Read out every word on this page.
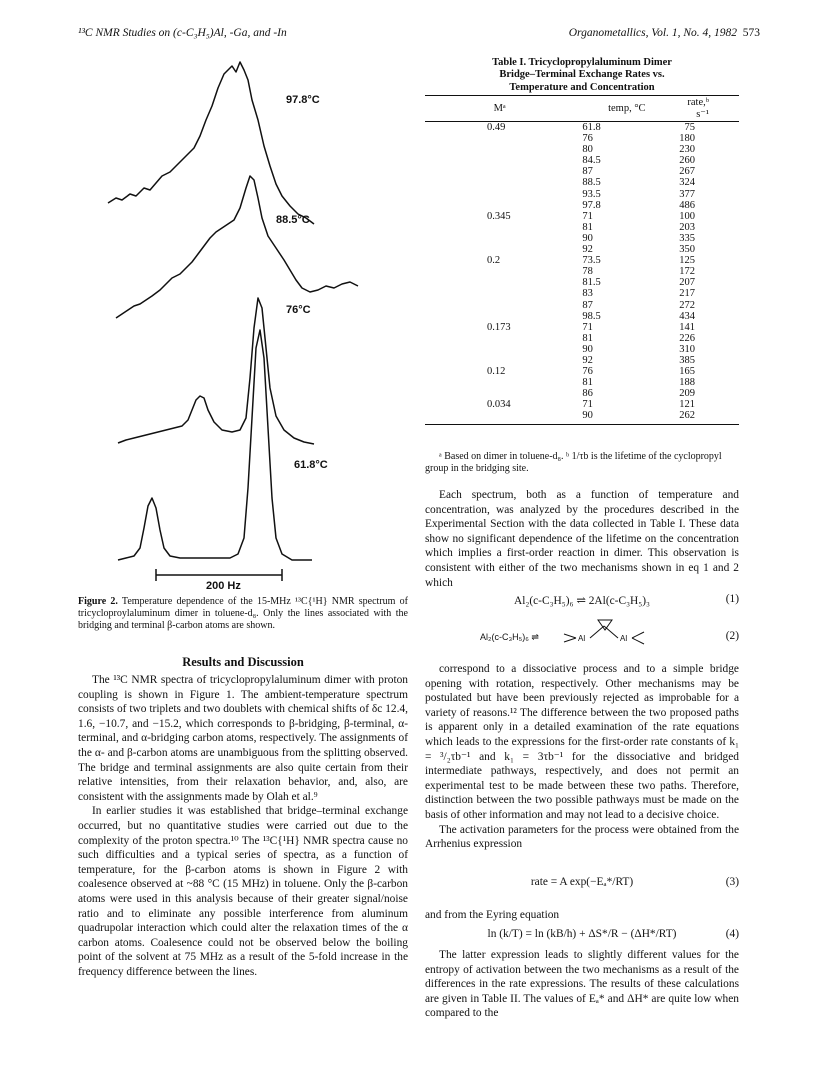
¹³C NMR Studies on (c-C₃H₅)Al, -Ga, and -In	Organometallics, Vol. 1, No. 4, 1982 573
97.8°C
88.5°C
76°C
61.8°C
200 Hz
Figure 2. Temperature dependence of the 15-MHz ¹³C{¹H} NMR spectrum of tricycloproylaluminum dimer in toluene-d₈. Only the lines associated with the bridging and terminal β-carbon atoms are shown.
Results and Discussion

The ¹³C NMR spectra of tricyclopropylaluminum dimer with proton coupling is shown in Figure 1. The ambient-temperature spectrum consists of two triplets and two doublets with chemical shifts of δc 12.4, 1.6, −10.7, and −15.2, which corresponds to β-bridging, β-terminal, α-terminal, and α-bridging carbon atoms, respectively. The assignments of the α- and β-carbon atoms are unambiguous from the splitting observed. The bridge and terminal assignments are also quite certain from their relative intensities, from their relaxation behavior, and, also, are consistent with the assignments made by Olah et al.⁹

In earlier studies it was established that bridge–terminal exchange occurred, but no quantitative studies were carried out due to the complexity of the proton spectra.¹⁰ The ¹³C{¹H} NMR spectra cause no such difficulties and a typical series of spectra, as a function of temperature, for the β-carbon atoms is shown in Figure 2 with coalesence observed at ~88 °C (15 MHz) in toluene. Only the β-carbon atoms were used in this analysis because of their greater signal/noise ratio and to eliminate any possible interference from aluminum quadrupolar interaction which could alter the relaxation times of the α carbon atoms. Coalesence could not be observed below the boiling point of the solvent at 75 MHz as a result of the 5-fold increase in the frequency difference between the lines.

Table I. Tricyclopropylaluminum Dimer
Bridge–Terminal Exchange Rates vs.
Temperature and Concentration
Mᵃ	temp, °C	rate,ᵇ s⁻¹
0.49	61.8	75
	76	180
	80	230
	84.5	260
	87	267
	88.5	324
	93.5	377
	97.8	486
0.345	71	100
	81	203
	90	335
	92	350
0.2	73.5	125
	78	172
	81.5	207
	83	217
	87	272
	98.5	434
0.173	71	141
	81	226
	90	310
	92	385
0.12	76	165
	81	188
	86	209
0.034	71	121
	90	262
ᵃ Based on dimer in toluene-d₈. ᵇ 1/τb is the lifetime of the cyclopropyl group in the bridging site.

Each spectrum, both as a function of temperature and concentration, was analyzed by the procedures described in the Experimental Section with the data collected in Table I. These data show no significant dependence of the lifetime on the concentration which implies a first-order reaction in dimer. This observation is consistent with either of the two mechanisms shown in eq 1 and 2 which

Al₂(c-C₃H₅)₆ ⇌ 2Al(c-C₃H₅)₃	(1)
(2)
Al₂(c-C₃H₅)₆ ⇌	Al	Al

correspond to a dissociative process and to a simple bridge opening with rotation, respectively. Other mechanisms may be postulated but have been previously rejected as improbable for a variety of reasons.¹² The difference between the two proposed paths is apparent only in a detailed examination of the rate equations which leads to the expressions for the first-order rate constants of k₁ = ³/₂τb⁻¹ and k₁ = 3τb⁻¹ for the dissociative and bridged intermediate pathways, respectively, and does not permit an experimental test to be made between these two paths. Therefore, distinction between the two possible pathways must be made on the basis of other information and may not lead to a decisive choice.

The activation parameters for the process were obtained from the Arrhenius expression

rate = A exp(−Eₐ*/RT)	(3)
and from the Eyring equation
ln (k/T) = ln (kB/h) + ΔS*/R − (ΔH*/RT)	(4)

The latter expression leads to slightly different values for the entropy of activation between the two mechanisms as a result of the differences in the rate expressions. The results of these calculations are given in Table II. The values of Eₐ* and ΔH* are quite low when compared to the
